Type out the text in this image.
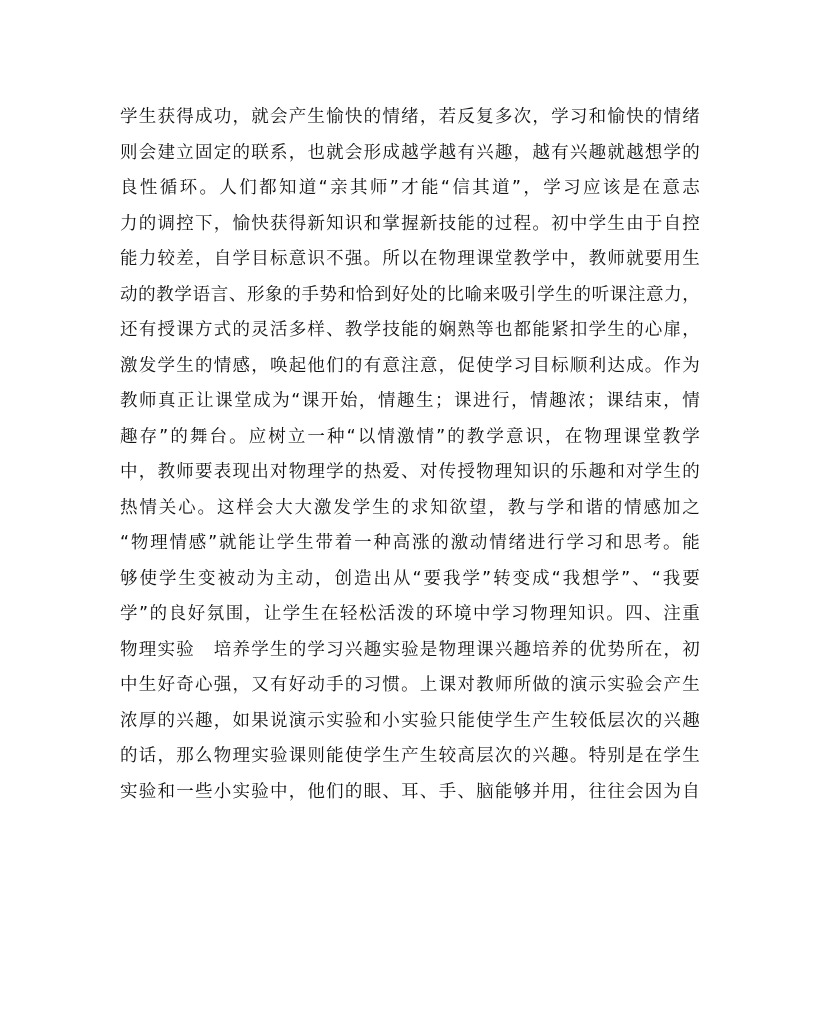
学生获得成功，就会产生愉快的情绪，若反复多次，学习和愉快的情绪
则会建立固定的联系，也就会形成越学越有兴趣，越有兴趣就越想学的
良性循环。人们都知道“亲其师”才能“信其道”，学习应该是在意志
力的调控下，愉快获得新知识和掌握新技能的过程。初中学生由于自控
能力较差，自学目标意识不强。所以在物理课堂教学中，教师就要用生
动的教学语言、形象的手势和恰到好处的比喻来吸引学生的听课注意力，
还有授课方式的灵活多样、教学技能的娴熟等也都能紧扣学生的心扉，
激发学生的情感，唤起他们的有意注意，促使学习目标顺利达成。作为
教师真正让课堂成为“课开始，情趣生；课进行，情趣浓；课结束，情
趣存”的舞台。应树立一种“以情激情”的教学意识，在物理课堂教学
中，教师要表现出对物理学的热爱、对传授物理知识的乐趣和对学生的
热情关心。这样会大大激发学生的求知欲望，教与学和谐的情感加之
“物理情感”就能让学生带着一种高涨的激动情绪进行学习和思考。能
够使学生变被动为主动，创造出从“要我学”转变成“我想学”、“我要
学”的良好氛围，让学生在轻松活泼的环境中学习物理知识。四、注重
物理实验　培养学生的学习兴趣实验是物理课兴趣培养的优势所在，初
中生好奇心强，又有好动手的习惯。上课对教师所做的演示实验会产生
浓厚的兴趣，如果说演示实验和小实验只能使学生产生较低层次的兴趣
的话，那么物理实验课则能使学生产生较高层次的兴趣。特别是在学生
实验和一些小实验中，他们的眼、耳、手、脑能够并用，往往会因为自
